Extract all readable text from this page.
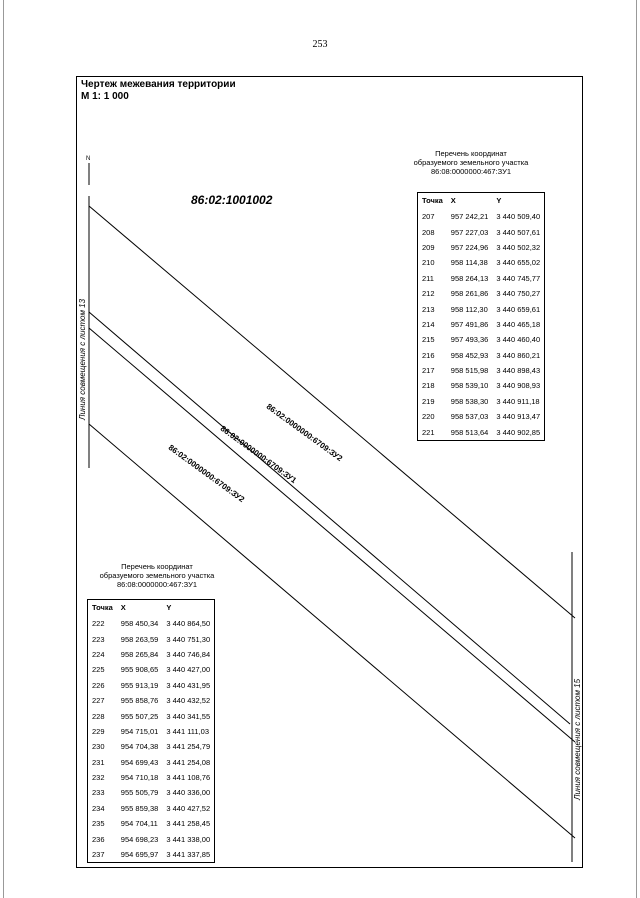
253
Чертеж межевания территории
М 1: 1 000
N
86:02:1001002
86:02:0000000:6709:ЗУ2
86:02:0000000:6709:ЗУ1
86:02:0000000:6709:ЗУ2
Линия совмещения с листом 13
Линия совмещения с листом 15
Перечень координат
образуемого земельного участка
86:08:0000000:467:ЗУ1
Точка	X	Y
207	957 242,21	3 440 509,40
208	957 227,03	3 440 507,61
209	957 224,96	3 440 502,32
210	958 114,38	3 440 655,02
211	958 264,13	3 440 745,77
212	958 261,86	3 440 750,27
213	958 112,30	3 440 659,61
214	957 491,86	3 440 465,18
215	957 493,36	3 440 460,40
216	958 452,93	3 440 860,21
217	958 515,98	3 440 898,43
218	958 539,10	3 440 908,93
219	958 538,30	3 440 911,18
220	958 537,03	3 440 913,47
221	958 513,64	3 440 902,85
Перечень координат
образуемого земельного участка
86:08:0000000:467:ЗУ1
Точка	X	Y
222	958 450,34	3 440 864,50
223	958 263,59	3 440 751,30
224	958 265,84	3 440 746,84
225	955 908,65	3 440 427,00
226	955 913,19	3 440 431,95
227	955 858,76	3 440 432,52
228	955 507,25	3 440 341,55
229	954 715,01	3 441 111,03
230	954 704,38	3 441 254,79
231	954 699,43	3 441 254,08
232	954 710,18	3 441 108,76
233	955 505,79	3 440 336,00
234	955 859,38	3 440 427,52
235	954 704,11	3 441 258,45
236	954 698,23	3 441 338,00
237	954 695,97	3 441 337,85
